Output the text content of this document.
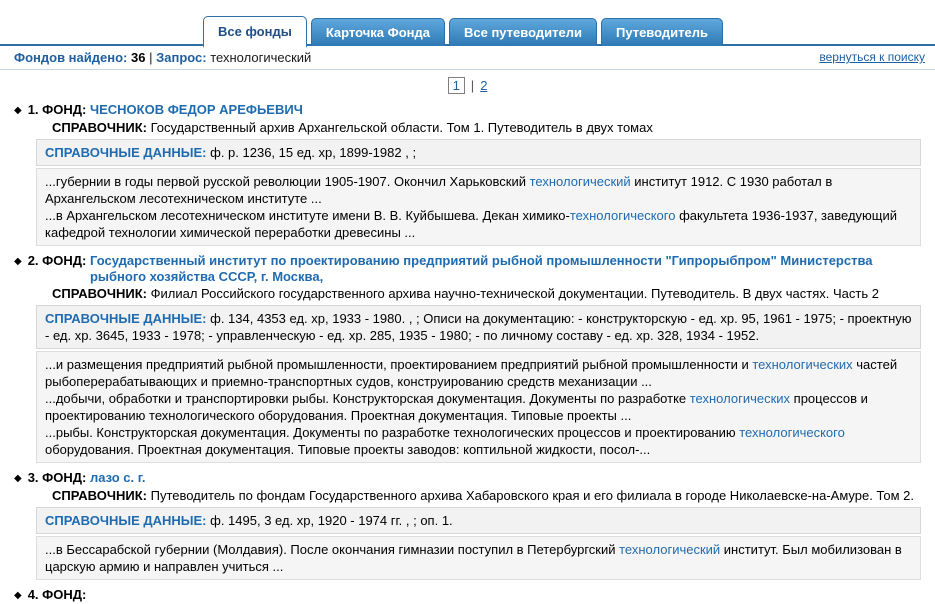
Все фонды	Карточка Фонда	Все путеводители	Путеводитель
Фондов найдено: 36 | Запрос: технологический	вернуться к поиску
1 | 2
◆ 1. ФОНД:
ЧЕСНОКОВ ФЕДОР АРЕФЬЕВИЧ
СПРАВОЧНИК: Государственный архив Архангельской области. Том 1. Путеводитель в двух томах
СПРАВОЧНЫЕ ДАННЫЕ: ф. р. 1236, 15 ед. хр, 1899-1982 , ;

...губернии в годы первой русской революции 1905-1907. Окончил Харьковский технологический институт 1912. С 1930 работал в Архангельском лесотехническом институте ...

...в Архангельском лесотехническом институте имени В. В. Куйбышева. Декан химико-технологического факультета 1936-1937, заведующий кафедрой технологии химической переработки древесины ...

◆ 2. ФОНД:
Государственный институт по проектированию предприятий рыбной промышленности "Гипрорыбпром" Министерства рыбного хозяйства СССР, г. Москва,
СПРАВОЧНИК: Филиал Российского государственного архива научно-технической документации. Путеводитель. В двух частях. Часть 2
СПРАВОЧНЫЕ ДАННЫЕ: ф. 134, 4353 ед. хр, 1933 - 1980. , ; Описи на документацию: - конструкторскую - ед. хр. 95, 1961 - 1975; - проектную - ед. хр. 3645, 1933 - 1978; - управленческую - ед. хр. 285, 1935 - 1980; - по личному составу - ед. хр. 328, 1934 - 1952.

...и размещения предприятий рыбной промышленности, проектированием предприятий рыбной промышленности и технологических частей рыбоперерабатывающих и приемно-транспортных судов, конструированию средств механизации ...

...добычи, обработки и транспортировки рыбы. Конструкторская документация. Документы по разработке технологических процессов и проектированию технологического оборудования. Проектная документация. Типовые проекты ...

...рыбы. Конструкторская документация. Документы по разработке технологических процессов и проектированию технологического оборудования. Проектная документация. Типовые проекты заводов: коптильной жидкости, посол-...

◆ 3. ФОНД:
лазо с. г.
СПРАВОЧНИК: Путеводитель по фондам Государственного архива Хабаровского края и его филиала в городе Николаевске-на-Амуре. Том 2.
СПРАВОЧНЫЕ ДАННЫЕ: ф. 1495, 3 ед. хр, 1920 - 1974 гг. , ; оп. 1.

...в Бессарабской губернии (Молдавия). После окончания гимназии поступил в Петербургский технологический институт. Был мобилизован в царскую армию и направлен учиться ...

◆ 4. ФОНД:
